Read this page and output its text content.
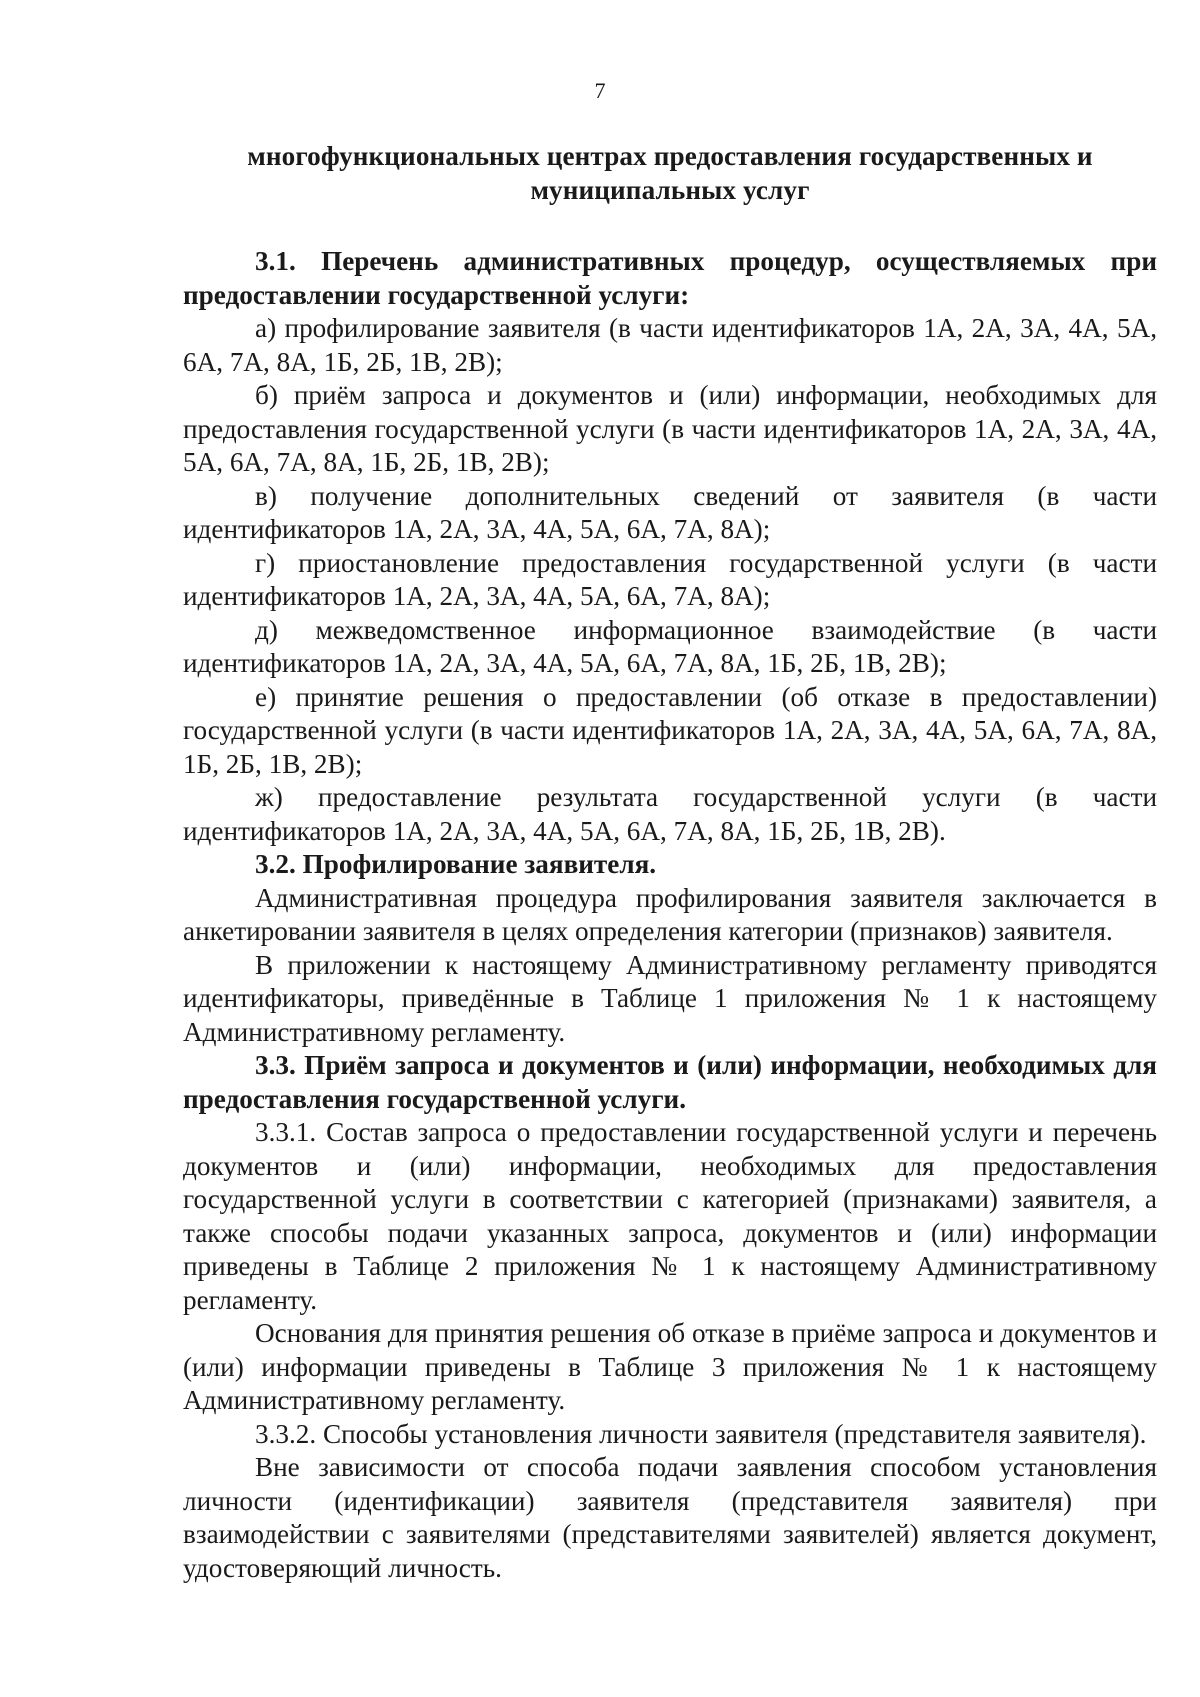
7

многофункциональных центрах предоставления государственных и муниципальных услуг

3.1. Перечень административных процедур, осуществляемых при предоставлении государственной услуги:

а) профилирование заявителя (в части идентификаторов 1А, 2А, 3А, 4А, 5А, 6А, 7А, 8А, 1Б, 2Б, 1В, 2В);

б) приём запроса и документов и (или) информации, необходимых для предоставления государственной услуги (в части идентификаторов 1А, 2А, 3А, 4А, 5А, 6А, 7А, 8А, 1Б, 2Б, 1В, 2В);

в) получение дополнительных сведений от заявителя (в части идентификаторов 1А, 2А, 3А, 4А, 5А, 6А, 7А, 8А);

г) приостановление предоставления государственной услуги (в части идентификаторов 1А, 2А, 3А, 4А, 5А, 6А, 7А, 8А);

д) межведомственное информационное взаимодействие (в части идентификаторов 1А, 2А, 3А, 4А, 5А, 6А, 7А, 8А, 1Б, 2Б, 1В, 2В);

е) принятие решения о предоставлении (об отказе в предоставлении) государственной услуги (в части идентификаторов 1А, 2А, 3А, 4А, 5А, 6А, 7А, 8А, 1Б, 2Б, 1В, 2В);

ж) предоставление результата государственной услуги (в части идентификаторов 1А, 2А, 3А, 4А, 5А, 6А, 7А, 8А, 1Б, 2Б, 1В, 2В).

3.2. Профилирование заявителя.

Административная процедура профилирования заявителя заключается в анкетировании заявителя в целях определения категории (признаков) заявителя.

В приложении к настоящему Административному регламенту приводятся идентификаторы, приведённые в Таблице 1 приложения № 1 к настоящему Административному регламенту.

3.3. Приём запроса и документов и (или) информации, необходимых для предоставления государственной услуги.

3.3.1. Состав запроса о предоставлении государственной услуги и перечень документов и (или) информации, необходимых для предоставления государственной услуги в соответствии с категорией (признаками) заявителя, а также способы подачи указанных запроса, документов и (или) информации приведены в Таблице 2 приложения № 1 к настоящему Административному регламенту.

Основания для принятия решения об отказе в приёме запроса и документов и (или) информации приведены в Таблице 3 приложения № 1 к настоящему Административному регламенту.

3.3.2. Способы установления личности заявителя (представителя заявителя).

Вне зависимости от способа подачи заявления способом установления личности (идентификации) заявителя (представителя заявителя) при взаимодействии с заявителями (представителями заявителей) является документ, удостоверяющий личность.
